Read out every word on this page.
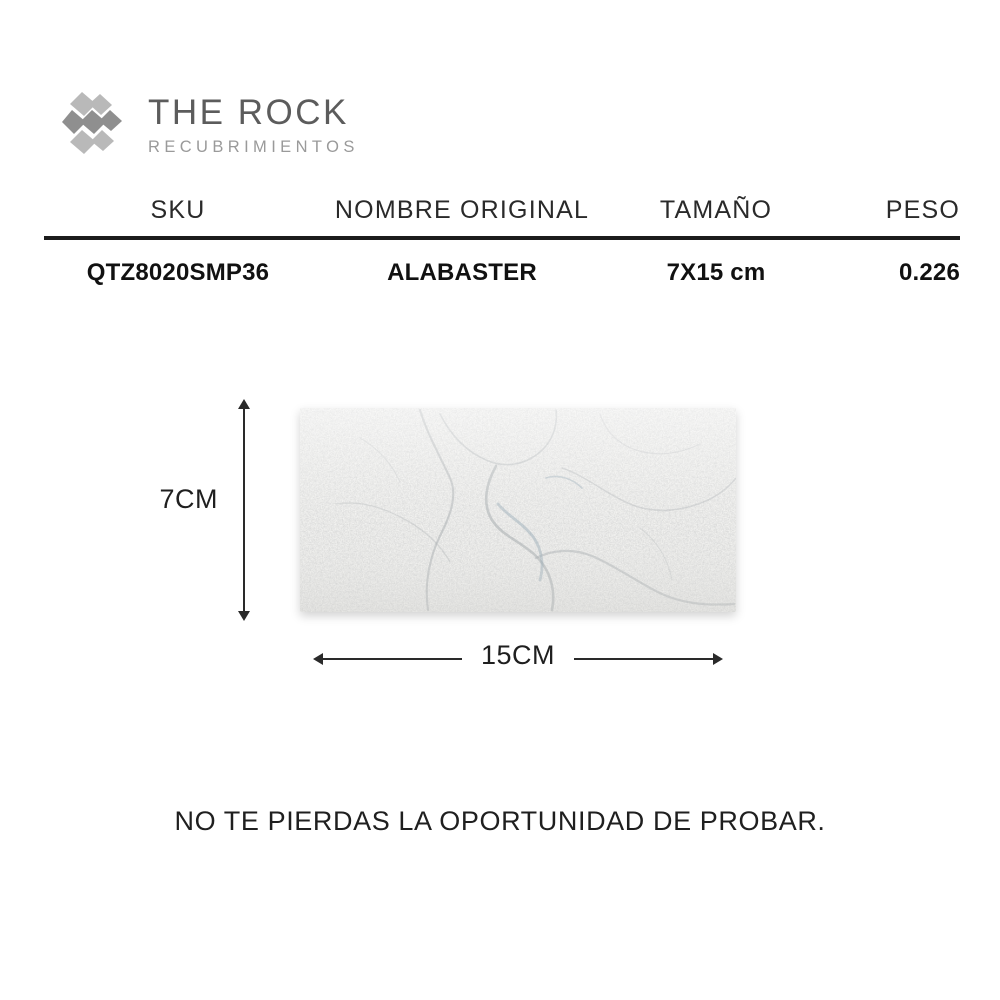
THE ROCK
RECUBRIMIENTOS
SKU	NOMBRE ORIGINAL	TAMAÑO	PESO
QTZ8020SMP36	ALABASTER	7X15 cm	0.226
7CM
15CM
NO TE PIERDAS LA OPORTUNIDAD DE PROBAR.
